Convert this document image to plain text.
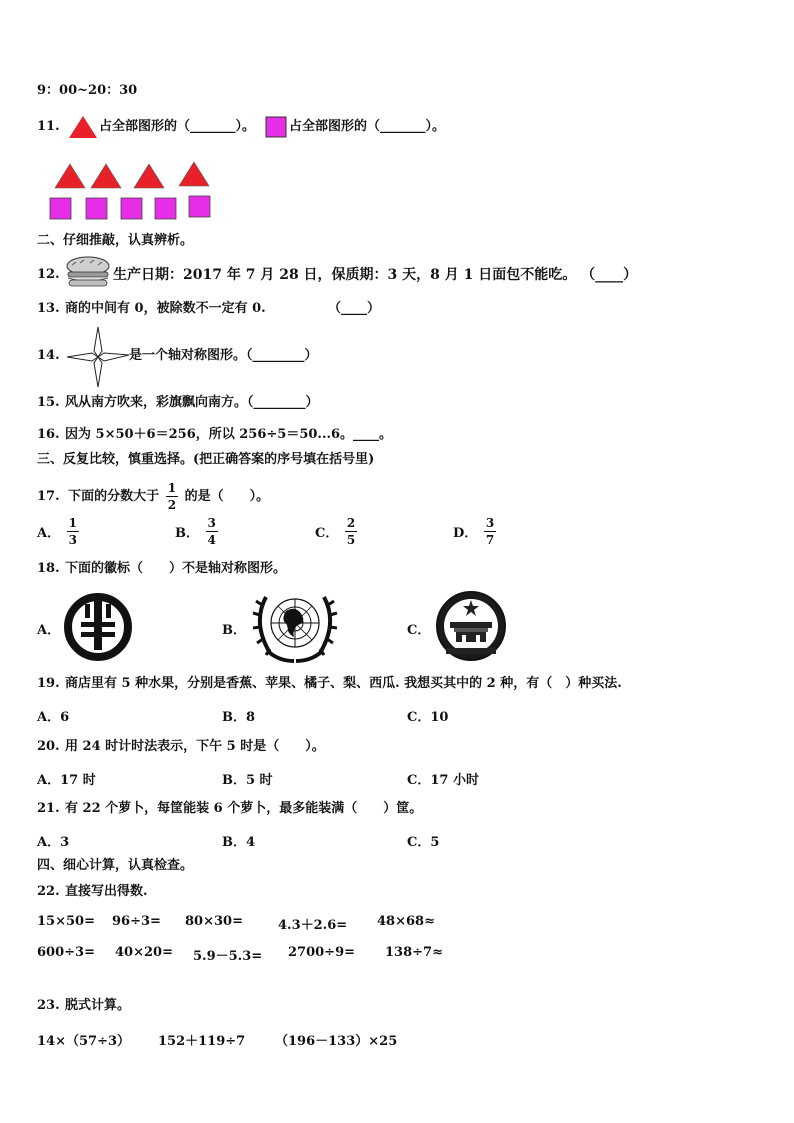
9：00~20：30
11.	占全部图形的（_______）。	占全部图形的（_______）。
二、仔细推敲，认真辨析。
12.	生产日期：2017 年 7 月 28 日，保质期：3 天，8 月 1 日面包不能吃。 （____）
13. 商的中间有 0，被除数不一定有 0.	（____）
14.	是一个轴对称图形。（________）
15. 风从南方吹来，彩旗飘向南方。（________）
16. 因为 5×50＋6＝256，所以 256÷5＝50...6。____。
三、反复比较，慎重选择。(把正确答案的序号填在括号里)
17. 下面的分数大于 $\frac{1}{2}$ 的是（　　）。
A． $\frac{1}{3}$	B． $\frac{3}{4}$	C． $\frac{2}{5}$	D． $\frac{3}{7}$
18. 下面的徽标（　　）不是轴对称图形。
A．	B．	C．
19. 商店里有 5 种水果，分别是香蕉、苹果、橘子、梨、西瓜. 我想买其中的 2 种，有（　）种买法.
A．6	B．8	C．10
20. 用 24 时计时法表示，下午 5 时是（　　）。
A．17 时	B．5 时	C．17 小时
21. 有 22 个萝卜，每筐能装 6 个萝卜，最多能装满（　　）筐。
A．3	B．4	C．5
四、细心计算，认真检查。
22. 直接写出得数.
15×50= 96÷3= 80×30=	4.3＋2.6= 48×68≈
600÷3= 40×20= 5.9－5.3= 2700÷9= 138÷7≈
23. 脱式计算。
14×（57÷3） 152＋119÷7 （196－133）×25
